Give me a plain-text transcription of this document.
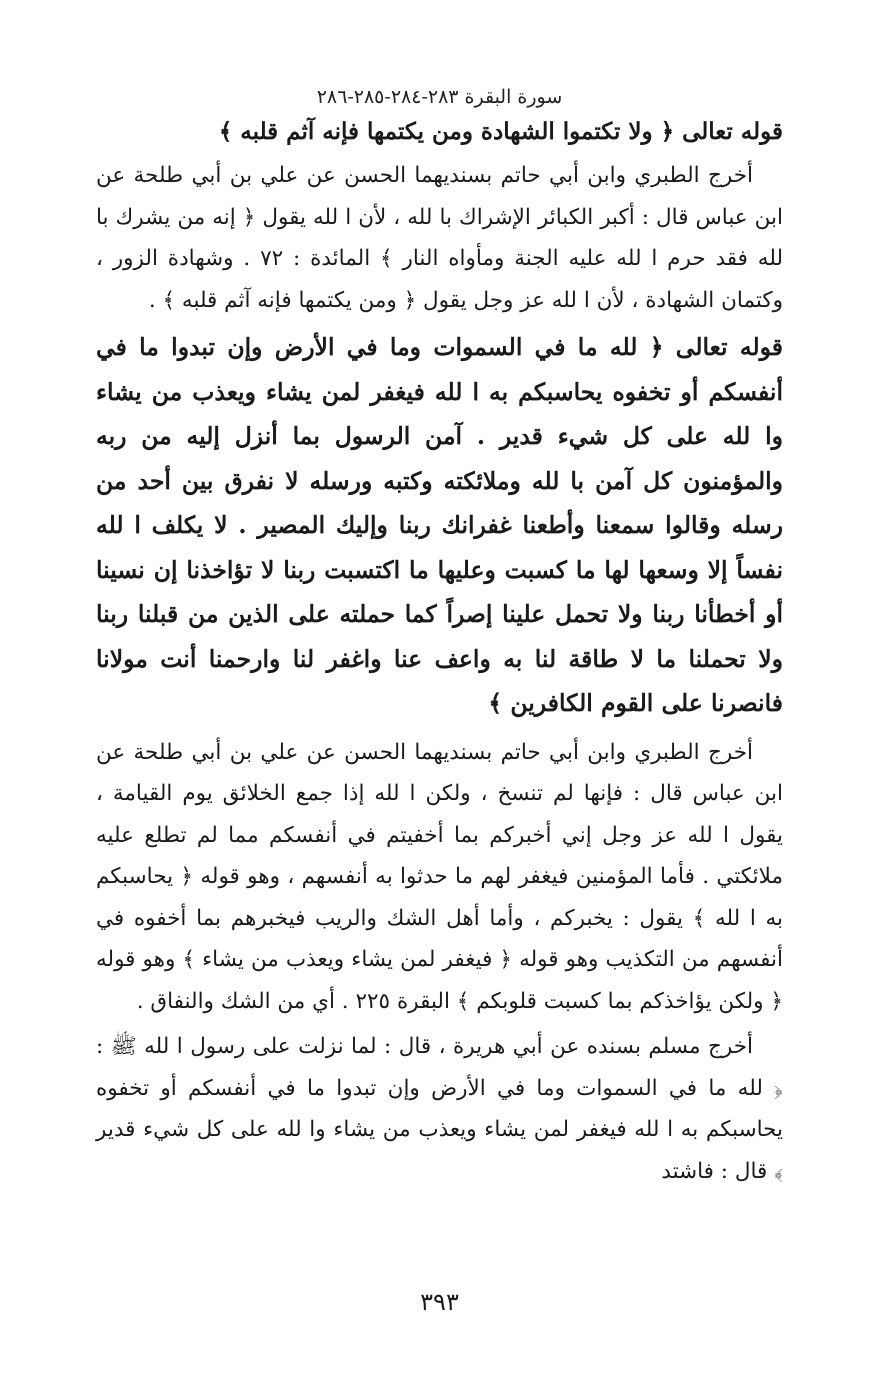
سورة البقرة ٢٨٣-٢٨٤-٢٨٥-٢٨٦
قوله تعالى ﴿ ولا تكتموا الشهادة ومن يكتمها فإنه آثم قلبه ﴾

أخرج الطبري وابن أبي حاتم بسنديهما الحسن عن علي بن أبي طلحة عن ابن عباس قال : أكبر الكبائر الإشراك با لله ، لأن ا لله يقول ﴿ إنه من يشرك با لله فقد حرم ا لله عليه الجنة ومأواه النار ﴾ المائدة : ٧٢ . وشهادة الزور ، وكتمان الشهادة ، لأن ا لله عز وجل يقول ﴿ ومن يكتمها فإنه آثم قلبه ﴾ .

قوله تعالى ﴿ لله ما في السموات وما في الأرض وإن تبدوا ما في أنفسكم أو تخفوه يحاسبكم به ا لله فيغفر لمن يشاء ويعذب من يشاء وا لله على كل شيء قدير . آمن الرسول بما أنزل إليه من ربه والمؤمنون كل آمن با لله وملائكته وكتبه ورسله لا نفرق بين أحد من رسله وقالوا سمعنا وأطعنا غفرانك ربنا وإليك المصير . لا يكلف ا لله نفساً إلا وسعها لها ما كسبت وعليها ما اكتسبت ربنا لا تؤاخذنا إن نسينا أو أخطأنا ربنا ولا تحمل علينا إصراً كما حملته على الذين من قبلنا ربنا ولا تحملنا ما لا طاقة لنا به واعف عنا واغفر لنا وارحمنا أنت مولانا فانصرنا على القوم الكافرين ﴾

أخرج الطبري وابن أبي حاتم بسنديهما الحسن عن علي بن أبي طلحة عن ابن عباس قال : فإنها لم تنسخ ، ولكن ا لله إذا جمع الخلائق يوم القيامة ، يقول ا لله عز وجل إني أخبركم بما أخفيتم في أنفسكم مما لم تطلع عليه ملائكتي . فأما المؤمنين فيغفر لهم ما حدثوا به أنفسهم ، وهو قوله ﴿ يحاسبكم به ا لله ﴾ يقول : يخبركم ، وأما أهل الشك والريب فيخبرهم بما أخفوه في أنفسهم من التكذيب وهو قوله ﴿ فيغفر لمن يشاء ويعذب من يشاء ﴾ وهو قوله ﴿ ولكن يؤاخذكم بما كسبت قلوبكم ﴾ البقرة ٢٢٥ . أي من الشك والنفاق .

أخرج مسلم بسنده عن أبي هريرة ، قال : لما نزلت على رسول ا لله ﷺ : ﴿ لله ما في السموات وما في الأرض وإن تبدوا ما في أنفسكم أو تخفوه يحاسبكم به ا لله فيغفر لمن يشاء ويعذب من يشاء وا لله على كل شيء قدير ﴾ قال : فاشتد

٣٩٣
